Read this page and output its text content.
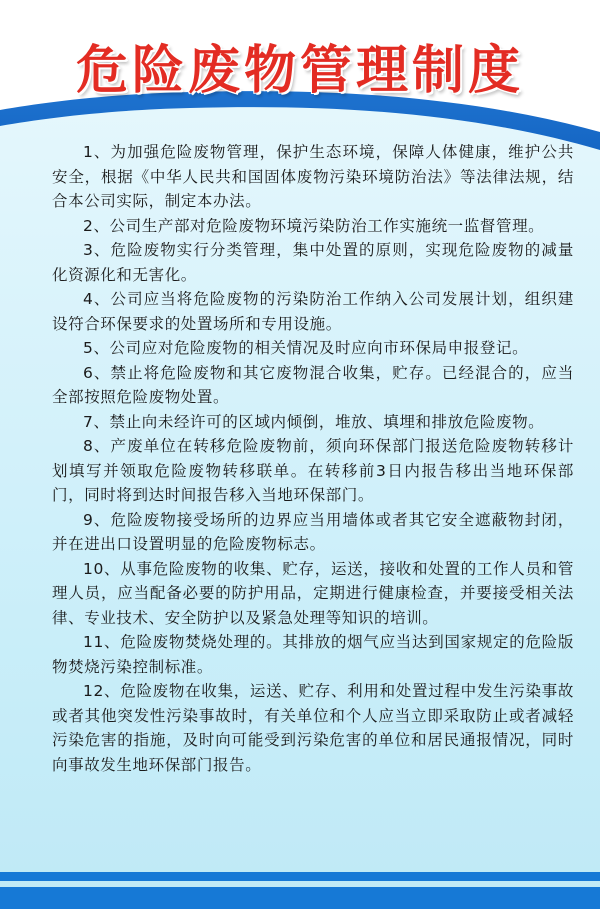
危险废物管理制度

1、为加强危险废物管理，保护生态环境，保障人体健康，维护公共安全，根据《中华人民共和国固体废物污染环境防治法》等法律法规，结合本公司实际，制定本办法。

2、公司生产部对危险废物环境污染防治工作实施统一监督管理。

3、危险废物实行分类管理，集中处置的原则，实现危险废物的减量化资源化和无害化。

4、公司应当将危险废物的污染防治工作纳入公司发展计划，组织建设符合环保要求的处置场所和专用设施。

5、公司应对危险废物的相关情况及时应向市环保局申报登记。

6、禁止将危险废物和其它废物混合收集，贮存。已经混合的，应当全部按照危险废物处置。

7、禁止向未经许可的区域内倾倒，堆放、填埋和排放危险废物。

8、产废单位在转移危险废物前，须向环保部门报送危险废物转移计划填写并领取危险废物转移联单。在转移前3日内报告移出当地环保部门，同时将到达时间报告移入当地环保部门。

9、危险废物接受场所的边界应当用墙体或者其它安全遮蔽物封闭，并在进出口设置明显的危险废物标志。

10、从事危险废物的收集、贮存，运送，接收和处置的工作人员和管理人员，应当配备必要的防护用品，定期进行健康检查，并要接受相关法律、专业技术、安全防护以及紧急处理等知识的培训。

11、危险废物焚烧处理的。其排放的烟气应当达到国家规定的危险版物焚烧污染控制标准。

12、危险废物在收集，运送、贮存、利用和处置过程中发生污染事故或者其他突发性污染事故时，有关单位和个人应当立即采取防止或者减轻污染危害的指施，及时向可能受到污染危害的单位和居民通报情况，同时向事故发生地环保部门报告。
